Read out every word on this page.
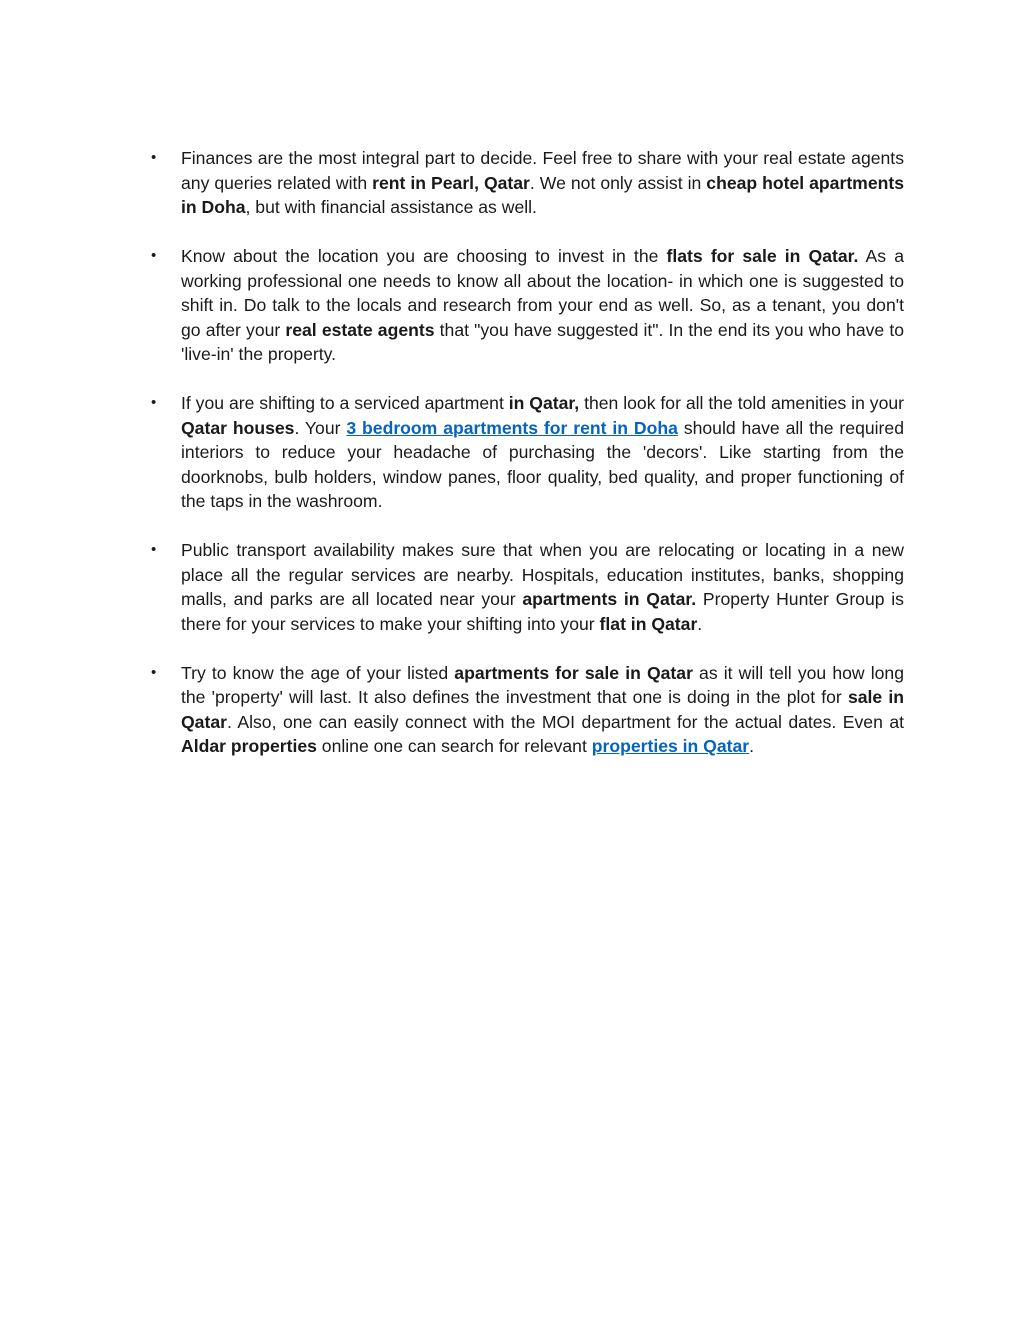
• Finances are the most integral part to decide. Feel free to share with your real estate agents any queries related with rent in Pearl, Qatar. We not only assist in cheap hotel apartments in Doha, but with financial assistance as well.
• Know about the location you are choosing to invest in the flats for sale in Qatar. As a working professional one needs to know all about the location- in which one is suggested to shift in. Do talk to the locals and research from your end as well. So, as a tenant, you don't go after your real estate agents that "you have suggested it". In the end its you who have to 'live-in' the property.
• If you are shifting to a serviced apartment in Qatar, then look for all the told amenities in your Qatar houses. Your 3 bedroom apartments for rent in Doha should have all the required interiors to reduce your headache of purchasing the 'decors'. Like starting from the doorknobs, bulb holders, window panes, floor quality, bed quality, and proper functioning of the taps in the washroom.
• Public transport availability makes sure that when you are relocating or locating in a new place all the regular services are nearby. Hospitals, education institutes, banks, shopping malls, and parks are all located near your apartments in Qatar. Property Hunter Group is there for your services to make your shifting into your flat in Qatar.
• Try to know the age of your listed apartments for sale in Qatar as it will tell you how long the 'property' will last. It also defines the investment that one is doing in the plot for sale in Qatar. Also, one can easily connect with the MOI department for the actual dates. Even at Aldar properties online one can search for relevant properties in Qatar.
